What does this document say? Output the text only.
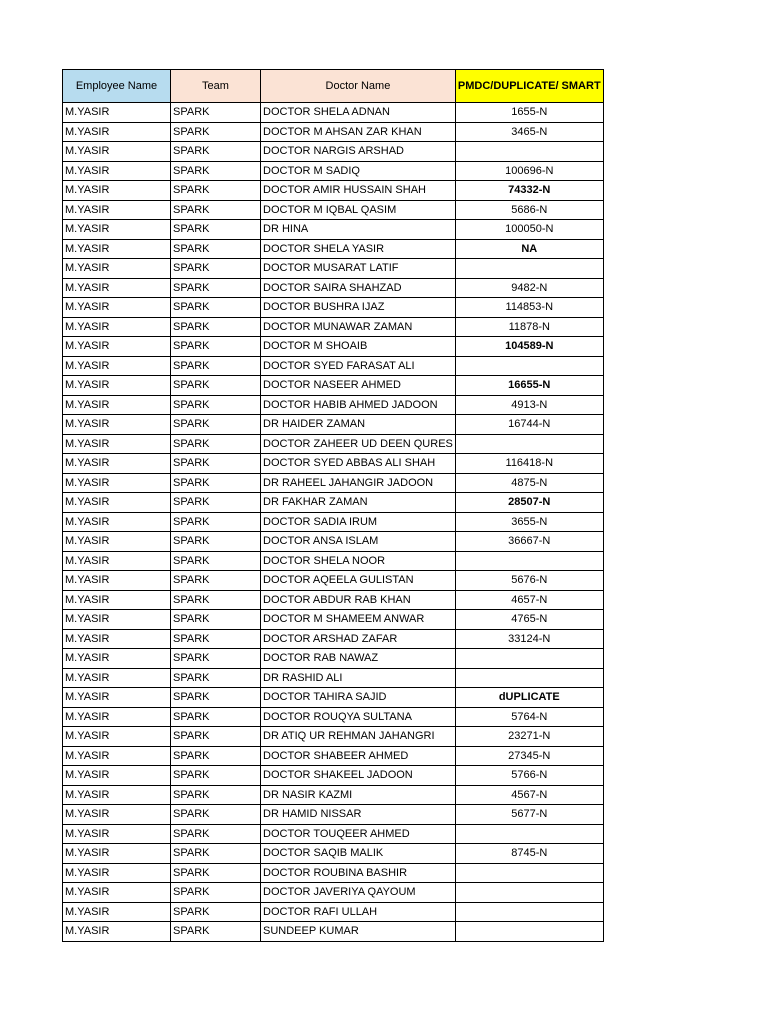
Employee Name	Team	Doctor Name	PMDC/DUPLICATE/ SMART
M.YASIR	SPARK	DOCTOR SHELA ADNAN	1655-N
M.YASIR	SPARK	DOCTOR M AHSAN ZAR KHAN	3465-N
M.YASIR	SPARK	DOCTOR NARGIS ARSHAD	
M.YASIR	SPARK	DOCTOR M SADIQ	100696-N
M.YASIR	SPARK	DOCTOR AMIR HUSSAIN SHAH	74332-N
M.YASIR	SPARK	DOCTOR M IQBAL QASIM	5686-N
M.YASIR	SPARK	DR HINA	100050-N
M.YASIR	SPARK	DOCTOR SHELA YASIR	NA
M.YASIR	SPARK	DOCTOR MUSARAT LATIF	
M.YASIR	SPARK	DOCTOR SAIRA SHAHZAD	9482-N
M.YASIR	SPARK	DOCTOR BUSHRA IJAZ	114853-N
M.YASIR	SPARK	DOCTOR MUNAWAR ZAMAN	11878-N
M.YASIR	SPARK	DOCTOR M SHOAIB	104589-N
M.YASIR	SPARK	DOCTOR SYED FARASAT ALI	
M.YASIR	SPARK	DOCTOR NASEER AHMED	16655-N
M.YASIR	SPARK	DOCTOR HABIB AHMED JADOON	4913-N
M.YASIR	SPARK	DR HAIDER ZAMAN	16744-N
M.YASIR	SPARK	DOCTOR ZAHEER UD DEEN QURES	
M.YASIR	SPARK	DOCTOR SYED ABBAS ALI SHAH	116418-N
M.YASIR	SPARK	DR RAHEEL JAHANGIR JADOON	4875-N
M.YASIR	SPARK	DR FAKHAR ZAMAN	28507-N
M.YASIR	SPARK	DOCTOR SADIA IRUM	3655-N
M.YASIR	SPARK	DOCTOR ANSA ISLAM	36667-N
M.YASIR	SPARK	DOCTOR SHELA NOOR	
M.YASIR	SPARK	DOCTOR AQEELA GULISTAN	5676-N
M.YASIR	SPARK	DOCTOR ABDUR RAB KHAN	4657-N
M.YASIR	SPARK	DOCTOR M SHAMEEM ANWAR	4765-N
M.YASIR	SPARK	DOCTOR ARSHAD ZAFAR	33124-N
M.YASIR	SPARK	DOCTOR RAB NAWAZ	
M.YASIR	SPARK	DR RASHID ALI	
M.YASIR	SPARK	DOCTOR TAHIRA SAJID	dUPLICATE
M.YASIR	SPARK	DOCTOR ROUQYA SULTANA	5764-N
M.YASIR	SPARK	DR ATIQ UR REHMAN JAHANGRI	23271-N
M.YASIR	SPARK	DOCTOR SHABEER AHMED	27345-N
M.YASIR	SPARK	DOCTOR SHAKEEL JADOON	5766-N
M.YASIR	SPARK	DR NASIR KAZMI	4567-N
M.YASIR	SPARK	DR HAMID NISSAR	5677-N
M.YASIR	SPARK	DOCTOR TOUQEER AHMED	
M.YASIR	SPARK	DOCTOR SAQIB MALIK	8745-N
M.YASIR	SPARK	DOCTOR ROUBINA BASHIR	
M.YASIR	SPARK	DOCTOR JAVERIYA QAYOUM	
M.YASIR	SPARK	DOCTOR RAFI ULLAH	
M.YASIR	SPARK	SUNDEEP KUMAR	
